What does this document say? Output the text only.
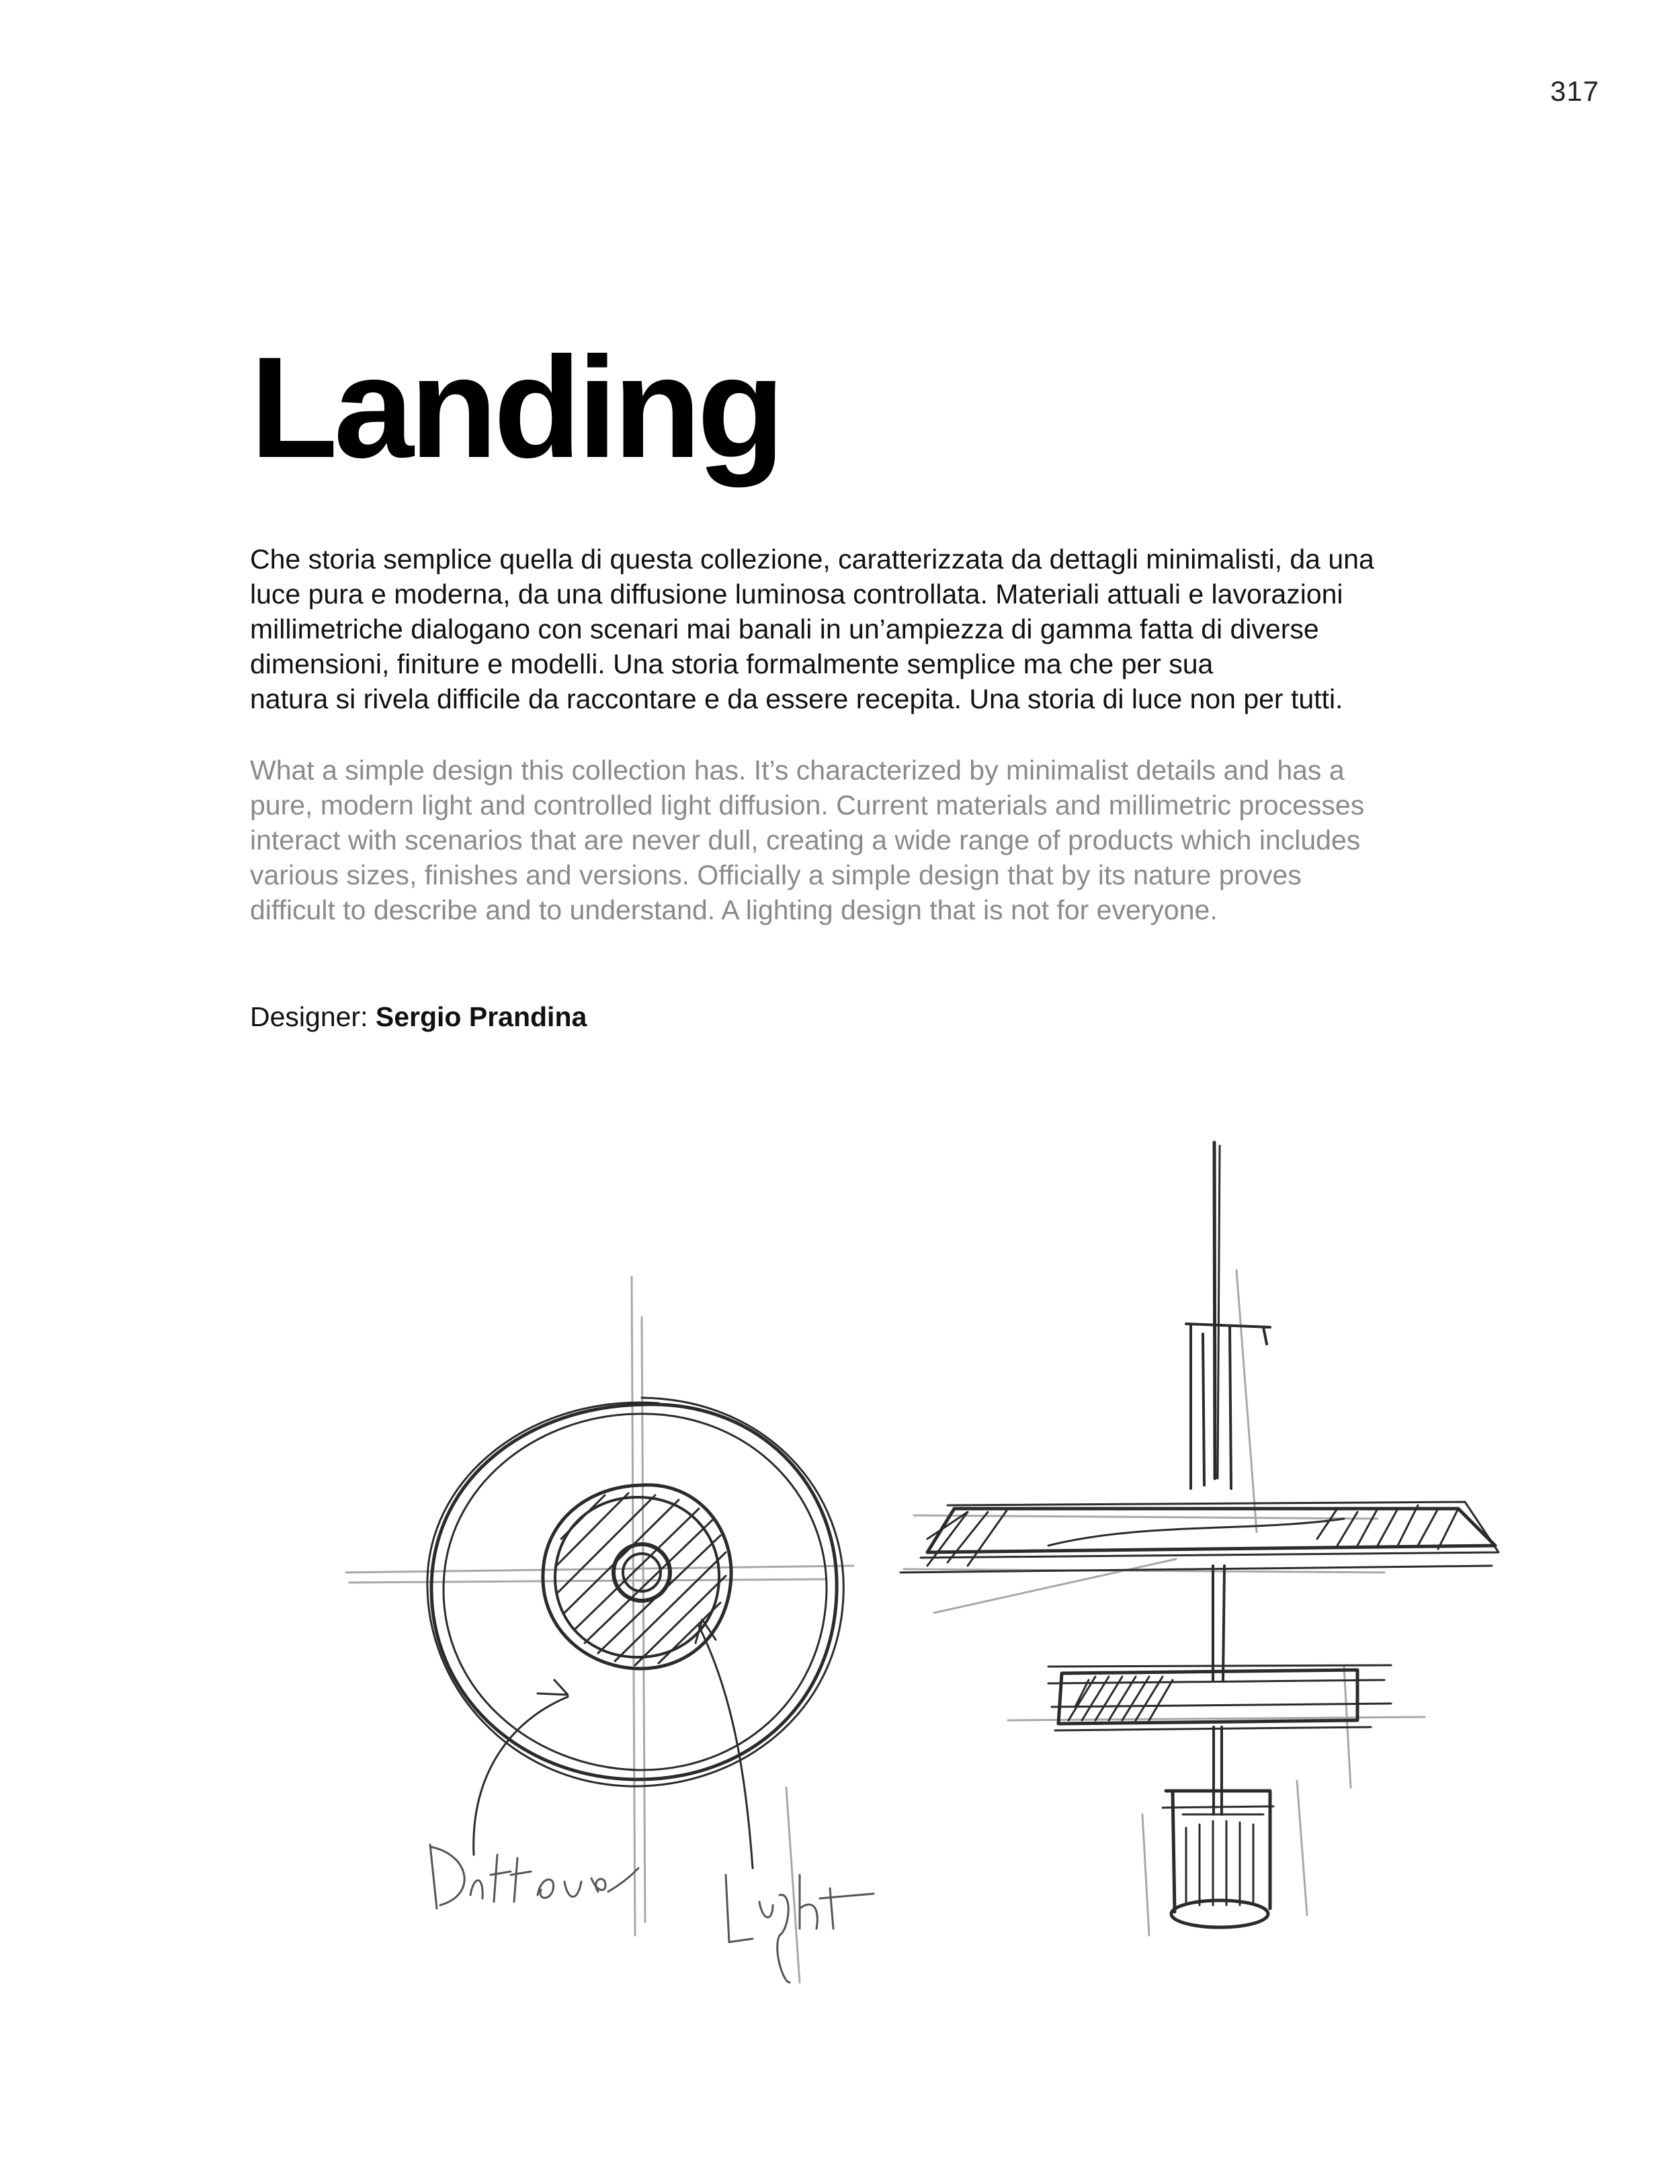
317
Landing

Che storia semplice quella di questa collezione, caratterizzata da dettagli minimalisti, da una
luce pura e moderna, da una diffusione luminosa controllata. Materiali attuali e lavorazioni
millimetriche dialogano con scenari mai banali in un’ampiezza di gamma fatta di diverse
dimensioni, finiture e modelli. Una storia formalmente semplice ma che per sua
natura si rivela difficile da raccontare e da essere recepita. Una storia di luce non per tutti.

What a simple design this collection has. It’s characterized by minimalist details and has a
pure, modern light and controlled light diffusion. Current materials and millimetric processes
interact with scenarios that are never dull, creating a wide range of products which includes
various sizes, finishes and versions. Officially a simple design that by its nature proves
difficult to describe and to understand. A lighting design that is not for everyone.

Designer: Sergio Prandina
